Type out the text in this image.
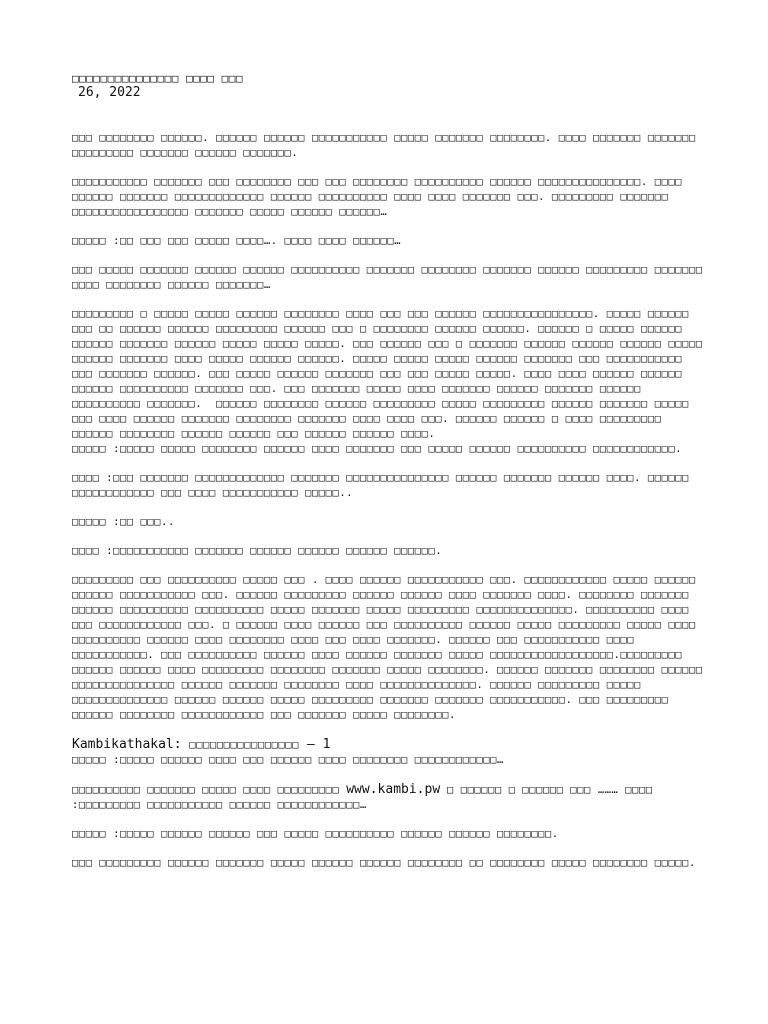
□□□□□□□□□□□□□□□ □□□□ □□□

26, 2022

□□□ □□□□□□□□ □□□□□□. □□□□□□ □□□□□□ □□□□□□□□□□□ □□□□□ □□□□□□□ □□□□□□□□. □□□□ □□□□□□□ □□□□□□□ □□□□□□□□□ □□□□□□□ □□□□□□ □□□□□□□.

□□□□□□□□□□□ □□□□□□□ □□□ □□□□□□□□ □□□ □□□ □□□□□□□□ □□□□□□□□□□ □□□□□□ □□□□□□□□□□□□□□□. □□□□ □□□□□□ □□□□□□□ □□□□□□□□□□□□□ □□□□□□ □□□□□□□□□□ □□□□ □□□□ □□□□□□□ □□□. □□□□□□□□□ □□□□□□□ □□□□□□□□□□□□□□□□□ □□□□□□□ □□□□□ □□□□□□ □□□□□□…

□□□□□ :□□ □□□ □□□ □□□□□ □□□□…. □□□□ □□□□ □□□□□□…

□□□ □□□□□ □□□□□□□ □□□□□□ □□□□□□ □□□□□□□□□□ □□□□□□□ □□□□□□□□ □□□□□□□ □□□□□□ □□□□□□□□□ □□□□□□□ □□□□ □□□□□□□□ □□□□□□ □□□□□□□…

□□□□□□□□□ □ □□□□□ □□□□□ □□□□□□ □□□□□□□□ □□□□ □□□ □□□ □□□□□□ □□□□□□□□□□□□□□□□. □□□□□ □□□□□□ □□□ □□ □□□□□□ □□□□□□ □□□□□□□□□ □□□□□□ □□□ □ □□□□□□□□ □□□□□□ □□□□□□. □□□□□□ □ □□□□□ □□□□□□ □□□□□□ □□□□□□□ □□□□□□ □□□□□ □□□□□ □□□□□. □□□ □□□□□□ □□□ □ □□□□□□□ □□□□□□ □□□□□□ □□□□□□ □□□□□ □□□□□□ □□□□□□□ □□□□ □□□□□ □□□□□□ □□□□□□. □□□□□ □□□□□ □□□□□ □□□□□□ □□□□□□□ □□□ □□□□□□□□□□□ □□□ □□□□□□□ □□□□□□. □□□ □□□□□ □□□□□□ □□□□□□□ □□□ □□□ □□□□□ □□□□□. □□□□ □□□□ □□□□□□ □□□□□□ □□□□□□ □□□□□□□□□□ □□□□□□□ □□□. □□□ □□□□□□□ □□□□□ □□□□ □□□□□□□ □□□□□□ □□□□□□□ □□□□□□ □□□□□□□□□□ □□□□□□□.  □□□□□□ □□□□□□□□ □□□□□□ □□□□□□□□□ □□□□□ □□□□□□□□□ □□□□□□ □□□□□□□ □□□□□ □□□ □□□□ □□□□□□ □□□□□□□ □□□□□□□□ □□□□□□□ □□□□ □□□□ □□□. □□□□□□ □□□□□□ □ □□□□ □□□□□□□□□ □□□□□□ □□□□□□□□ □□□□□□ □□□□□□ □□□ □□□□□□ □□□□□□ □□□□.

□□□□□ :□□□□□ □□□□□ □□□□□□□□ □□□□□□ □□□□ □□□□□□□ □□□ □□□□□ □□□□□□ □□□□□□□□□□ □□□□□□□□□□□□.

□□□□ :□□□ □□□□□□□ □□□□□□□□□□□□□ □□□□□□□ □□□□□□□□□□□□□□□ □□□□□□ □□□□□□□ □□□□□□ □□□□. □□□□□□ □□□□□□□□□□□□ □□□ □□□□ □□□□□□□□□□□ □□□□□..

□□□□□ :□□ □□□..

□□□□ :□□□□□□□□□□□ □□□□□□□ □□□□□□ □□□□□□ □□□□□□ □□□□□□.

□□□□□□□□□ □□□ □□□□□□□□□□ □□□□□ □□□ . □□□□ □□□□□□ □□□□□□□□□□□ □□□. □□□□□□□□□□□□ □□□□□ □□□□□□ □□□□□□ □□□□□□□□□□□ □□□. □□□□□□ □□□□□□□□□ □□□□□□ □□□□□□ □□□□ □□□□□□□ □□□□. □□□□□□□□ □□□□□□□ □□□□□□ □□□□□□□□□□ □□□□□□□□□□ □□□□□ □□□□□□□ □□□□□ □□□□□□□□□ □□□□□□□□□□□□□□. □□□□□□□□□□ □□□□ □□□ □□□□□□□□□□□□ □□□. □ □□□□□□ □□□□ □□□□□□ □□□ □□□□□□□□□□ □□□□□□ □□□□□ □□□□□□□□□ □□□□□ □□□□ □□□□□□□□□□ □□□□□□ □□□□ □□□□□□□□ □□□□ □□□ □□□□ □□□□□□□. □□□□□□ □□□ □□□□□□□□□□□ □□□□ □□□□□□□□□□□. □□□ □□□□□□□□□□ □□□□□□ □□□□ □□□□□□ □□□□□□□ □□□□□ □□□□□□□□□□□□□□□□□□.□□□□□□□□□ □□□□□□ □□□□□□ □□□□ □□□□□□□□□ □□□□□□□□ □□□□□□□ □□□□□ □□□□□□□□. □□□□□□ □□□□□□□ □□□□□□□□ □□□□□□ □□□□□□□□□□□□□□□ □□□□□□ □□□□□□□ □□□□□□□□ □□□□ □□□□□□□□□□□□□□. □□□□□□ □□□□□□□□□ □□□□□ □□□□□□□□□□□□□□ □□□□□□ □□□□□□ □□□□□ □□□□□□□□□ □□□□□□□ □□□□□□□ □□□□□□□□□□□. □□□ □□□□□□□□□ □□□□□□ □□□□□□□□ □□□□□□□□□□□□ □□□ □□□□□□□ □□□□□ □□□□□□□□.

Kambikathakal: □□□□□□□□□□□□□□□□ – 1

□□□□□ :□□□□□ □□□□□□ □□□□ □□□ □□□□□□ □□□□ □□□□□□□□ □□□□□□□□□□□□…

□□□□□□□□□□ □□□□□□□ □□□□□ □□□□ □□□□□□□□□ www.kambi.pw □ □□□□□□ □ □□□□□□ □□□ ……… □□□□ :□□□□□□□□□ □□□□□□□□□□□ □□□□□□ □□□□□□□□□□□□…

□□□□□ :□□□□□ □□□□□□ □□□□□□ □□□ □□□□□ □□□□□□□□□□ □□□□□□ □□□□□□ □□□□□□□□.

□□□ □□□□□□□□□ □□□□□□ □□□□□□□ □□□□□ □□□□□□ □□□□□□ □□□□□□□□ □□ □□□□□□□□ □□□□□ □□□□□□□□ □□□□□.
